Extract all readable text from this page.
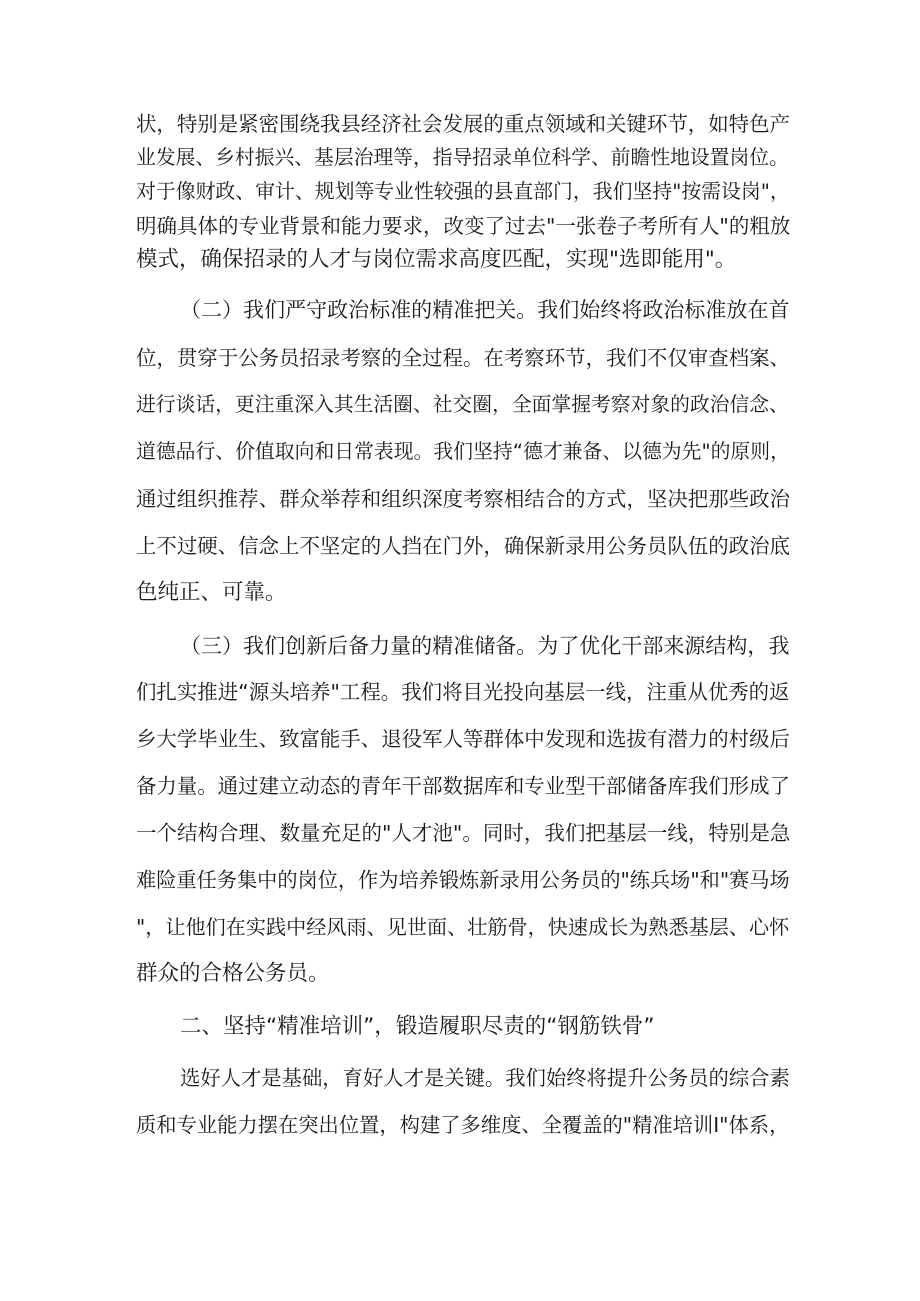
状，特别是紧密围绕我县经济社会发展的重点领域和关键环节，如特色产
业发展、乡村振兴、基层治理等，指导招录单位科学、前瞻性地设置岗位。
对于像财政、审计、规划等专业性较强的县直部门，我们坚持"按需设岗"，
明确具体的专业背景和能力要求，改变了过去"一张卷子考所有人"的粗放
模式，确保招录的人才与岗位需求高度匹配，实现"选即能用"。
（二）我们严守政治标准的精准把关。我们始终将政治标准放在首
位，贯穿于公务员招录考察的全过程。在考察环节，我们不仅审查档案、
进行谈话，更注重深入其生活圈、社交圈，全面掌握考察对象的政治信念、
道德品行、价值取向和日常表现。我们坚持“德才兼备、以德为先"的原则，
通过组织推荐、群众举荐和组织深度考察相结合的方式，坚决把那些政治
上不过硬、信念上不坚定的人挡在门外，确保新录用公务员队伍的政治底
色纯正、可靠。
（三）我们创新后备力量的精准储备。为了优化干部来源结构，我
们扎实推进“源头培养"工程。我们将目光投向基层一线，注重从优秀的返
乡大学毕业生、致富能手、退役军人等群体中发现和选拔有潜力的村级后
备力量。通过建立动态的青年干部数据库和专业型干部储备库我们形成了
一个结构合理、数量充足的"人才池"。同时，我们把基层一线，特别是急
难险重任务集中的岗位，作为培养锻炼新录用公务员的"练兵场"和"赛马场
"，让他们在实践中经风雨、见世面、壮筋骨，快速成长为熟悉基层、心怀
群众的合格公务员。
二、坚持“精准培训”，锻造履职尽责的“钢筋铁骨”
选好人才是基础，育好人才是关键。我们始终将提升公务员的综合素
质和专业能力摆在突出位置，构建了多维度、全覆盖的"精准培训I"体系，
